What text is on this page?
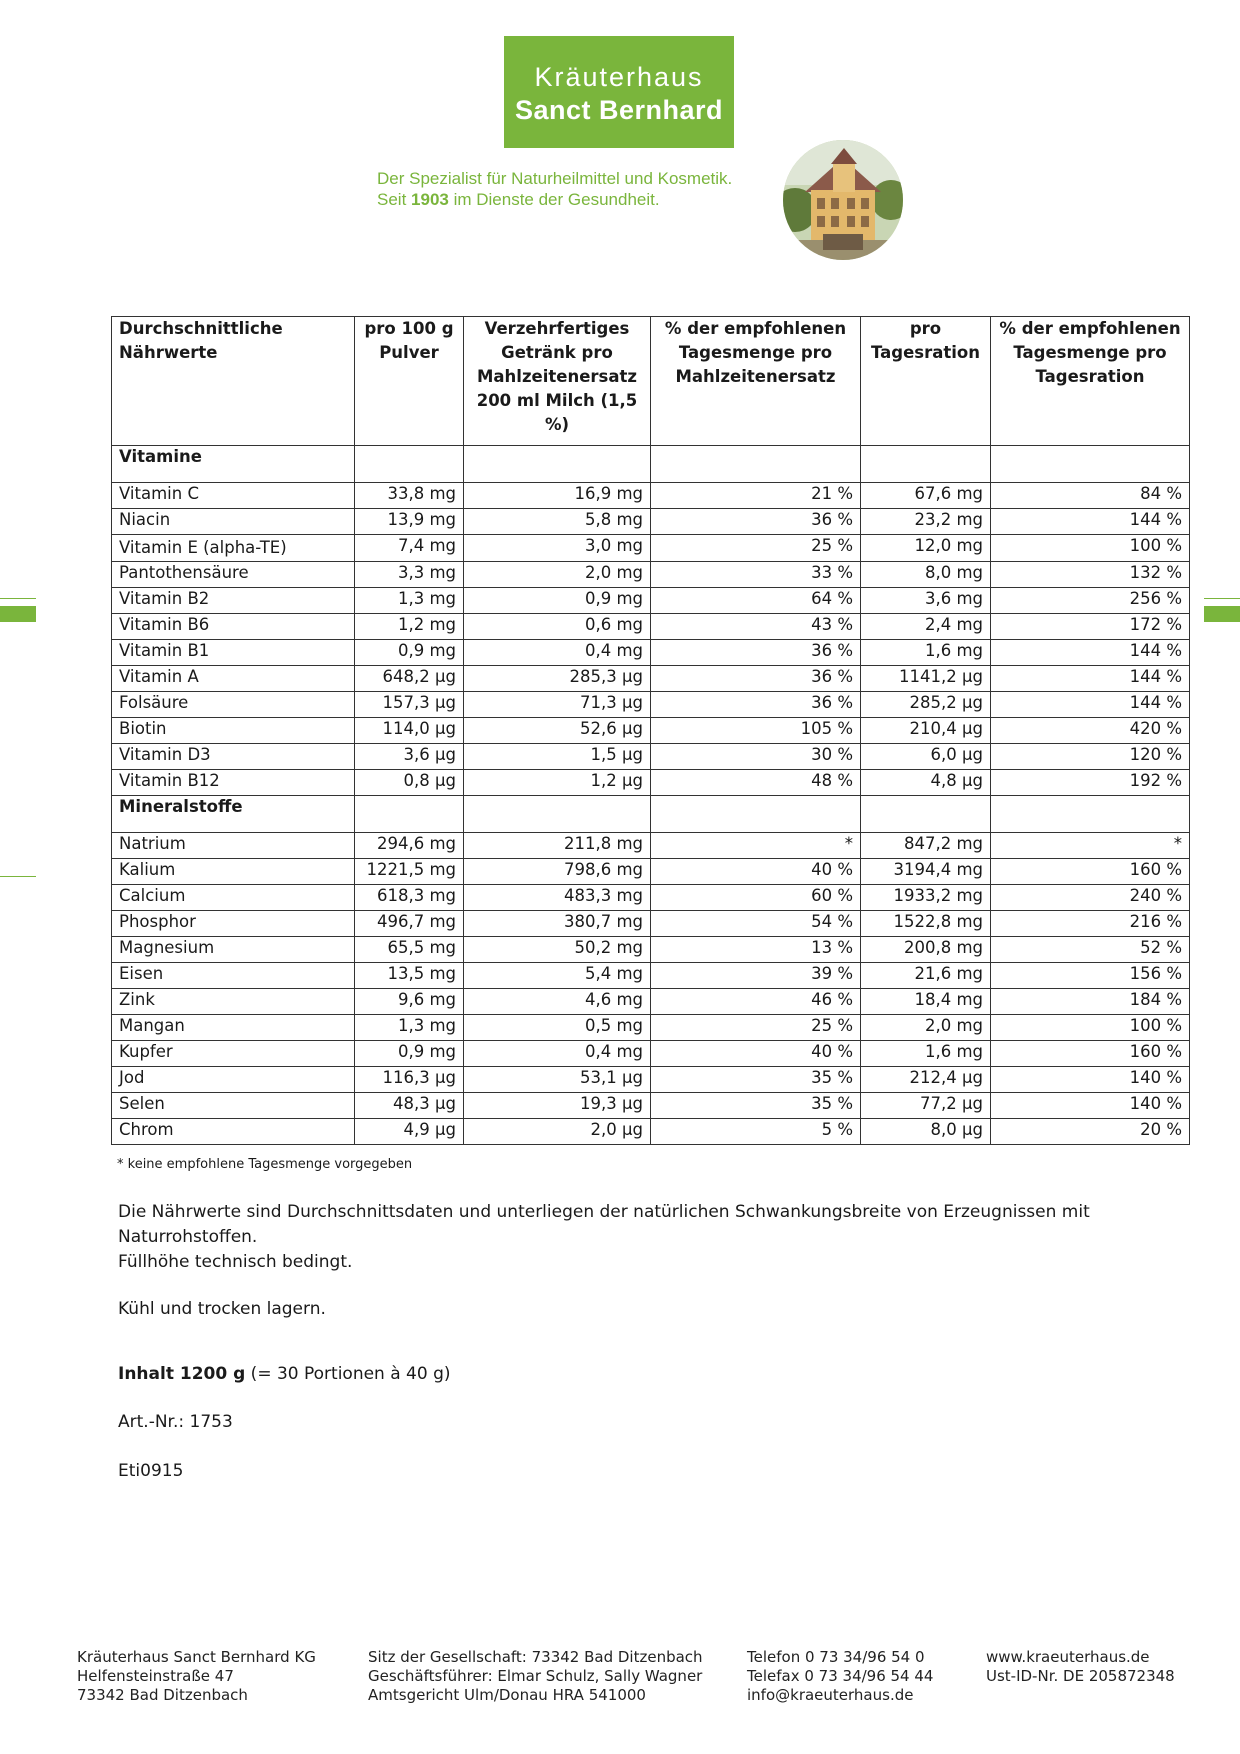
Kräuterhaus
Sanct Bernhard
Der Spezialist für Naturheilmittel und Kosmetik.
Seit 1903 im Dienste der Gesundheit.
Durchschnittliche Nährwerte	pro 100 g Pulver	Verzehrfertiges Getränk pro Mahlzeitenersatz 200 ml Milch (1,5 %)	% der empfohlenen Tagesmenge pro Mahlzeitenersatz	pro Tagesration	% der empfohlenen Tagesmenge pro Tagesration
Vitamine					
Vitamin C	33,8 mg	16,9 mg	21 %	67,6 mg	84 %
Niacin	13,9 mg	5,8 mg	36 %	23,2 mg	144 %
Vitamin E (alpha-TE)	7,4 mg	3,0 mg	25 %	12,0 mg	100 %
Pantothensäure	3,3 mg	2,0 mg	33 %	8,0 mg	132 %
Vitamin B2	1,3 mg	0,9 mg	64 %	3,6 mg	256 %
Vitamin B6	1,2 mg	0,6 mg	43 %	2,4 mg	172 %
Vitamin B1	0,9 mg	0,4 mg	36 %	1,6 mg	144 %
Vitamin A	648,2 µg	285,3 µg	36 %	1141,2 µg	144 %
Folsäure	157,3 µg	71,3 µg	36 %	285,2 µg	144 %
Biotin	114,0 µg	52,6 µg	105 %	210,4 µg	420 %
Vitamin D3	3,6 µg	1,5 µg	30 %	6,0 µg	120 %
Vitamin B12	0,8 µg	1,2 µg	48 %	4,8 µg	192 %
Mineralstoffe					
Natrium	294,6 mg	211,8 mg	*	847,2 mg	*
Kalium	1221,5 mg	798,6 mg	40 %	3194,4 mg	160 %
Calcium	618,3 mg	483,3 mg	60 %	1933,2 mg	240 %
Phosphor	496,7 mg	380,7 mg	54 %	1522,8 mg	216 %
Magnesium	65,5 mg	50,2 mg	13 %	200,8 mg	52 %
Eisen	13,5 mg	5,4 mg	39 %	21,6 mg	156 %
Zink	9,6 mg	4,6 mg	46 %	18,4 mg	184 %
Mangan	1,3 mg	0,5 mg	25 %	2,0 mg	100 %
Kupfer	0,9 mg	0,4 mg	40 %	1,6 mg	160 %
Jod	116,3 µg	53,1 µg	35 %	212,4 µg	140 %
Selen	48,3 µg	19,3 µg	35 %	77,2 µg	140 %
Chrom	4,9 µg	2,0 µg	5 %	8,0 µg	20 %
* keine empfohlene Tagesmenge vorgegeben
Die Nährwerte sind Durchschnittsdaten und unterliegen der natürlichen Schwankungsbreite von Erzeugnissen mit
Naturrohstoffen.
Füllhöhe technisch bedingt.
Kühl und trocken lagern.
Inhalt 1200 g (= 30 Portionen à 40 g)
Art.-Nr.: 1753
Eti0915
Kräuterhaus Sanct Bernhard KG
Helfensteinstraße 47
73342 Bad Ditzenbach
Sitz der Gesellschaft: 73342 Bad Ditzenbach
Geschäftsführer: Elmar Schulz, Sally Wagner
Amtsgericht Ulm/Donau HRA 541000
Telefon 0 73 34/96 54 0
Telefax 0 73 34/96 54 44
info@kraeuterhaus.de
www.kraeuterhaus.de
Ust-ID-Nr. DE 205872348
